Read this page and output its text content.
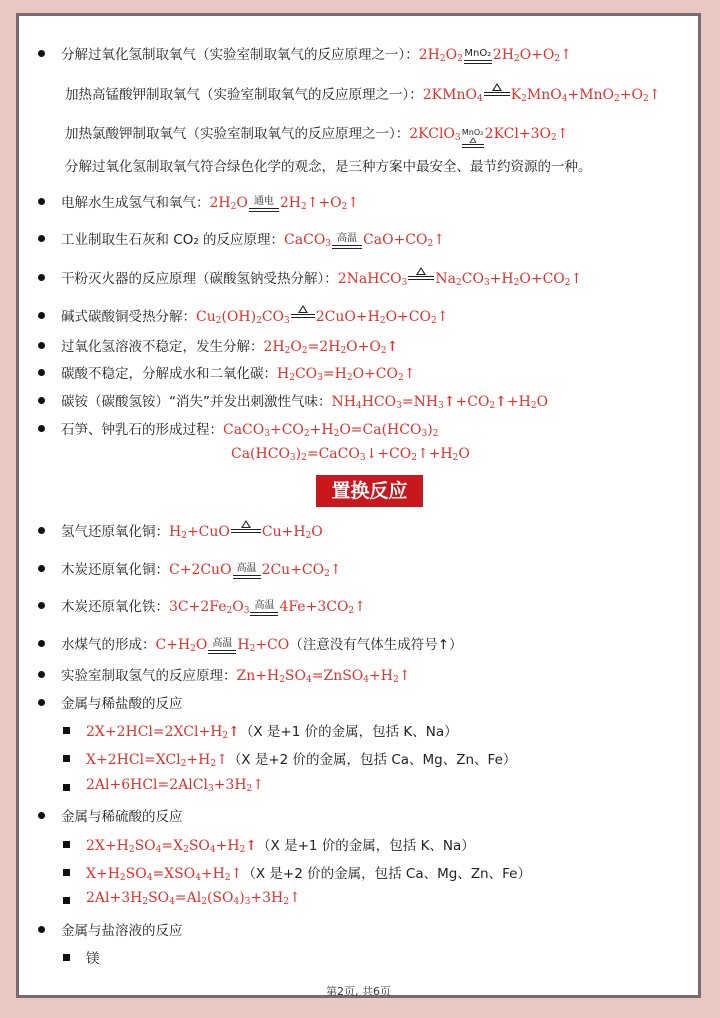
分解过氧化氢制取氧气（实验室制取氧气的反应原理之一）： $2H_2O_2$ MnO₂ $2H_2O+O_2↑$
加热高锰酸钾制取氧气（实验室制取氧气的反应原理之一）： 2KMnO$_4$ $K_2MnO_4+MnO_2+O_2↑$
加热氯酸钾制取氧气（实验室制取氧气的反应原理之一）： 2KClO$_3$
MnO₂ $2KCl+3O_2↑$
分解过氧化氢制取氧气符合绿色化学的观念，是三种方案中最安全、最节约资源的一种。
电解水生成氢气和氧气： $2H_2O$ 通电 $2H_2↑+O_2↑$
工业制取生石灰和 CO₂ 的反应原理： CaCO$_3$ 高温 $CaO+CO_2↑$
干粉灭火器的反应原理（碳酸氢钠受热分解）： 2NaHCO$_3$ $Na_2CO_3+H_2O+CO_2↑$
碱式碳酸铜受热分解： $Cu_2(OH)_2CO_3$ $2CuO+H_2O+CO_2↑$
过氧化氢溶液不稳定，发生分解： $2H_2O_2=2H_2O+O_2↑$
碳酸不稳定，分解成水和二氧化碳： $H_2CO_3=H_2O+CO_2↑$
碳铵（碳酸氢铵）“消失”并发出刺激性气味： $NH_4HCO_3=NH_3↑+CO_2↑+H_2O$
石笋、钟乳石的形成过程： $CaCO_3+CO_2+H_2O=Ca(HCO_3)_2$
$Ca(HCO_3)_2=CaCO_3↓+CO_2↑+H_2O$
置换反应
氢气还原氧化铜： $H_2+CuO$ $Cu+H_2O$
木炭还原氧化铜： C+2CuO 高温 $2Cu+CO_2↑$
木炭还原氧化铁： $3C+2Fe_2O_3$ 高温 $4Fe+3CO_2↑$
水煤气的形成： $C+H_2O$ 高温 $H_2+CO$ （注意没有气体生成符号↑）
实验室制取氢气的反应原理： $Zn+H_2SO_4=ZnSO_4+H_2↑$
金属与稀盐酸的反应
$2X+2HCl=2XCl+H_2↑$ （X 是+1 价的金属，包括 K、Na）
$X+2HCl=XCl_2+H_2↑$ （X 是+2 价的金属，包括 Ca、Mg、Zn、Fe）
$2Al+6HCl=2AlCl_3+3H_2↑$
金属与稀硫酸的反应
$2X+H_2SO_4=X_2SO_4+H_2↑$ （X 是+1 价的金属，包括 K、Na）
$X+H_2SO_4=XSO_4+H_2↑$ （X 是+2 价的金属，包括 Ca、Mg、Zn、Fe）
$2Al+3H_2SO_4=Al_2(SO_4)_3+3H_2↑$
金属与盐溶液的反应
镁
第2页, 共6页
